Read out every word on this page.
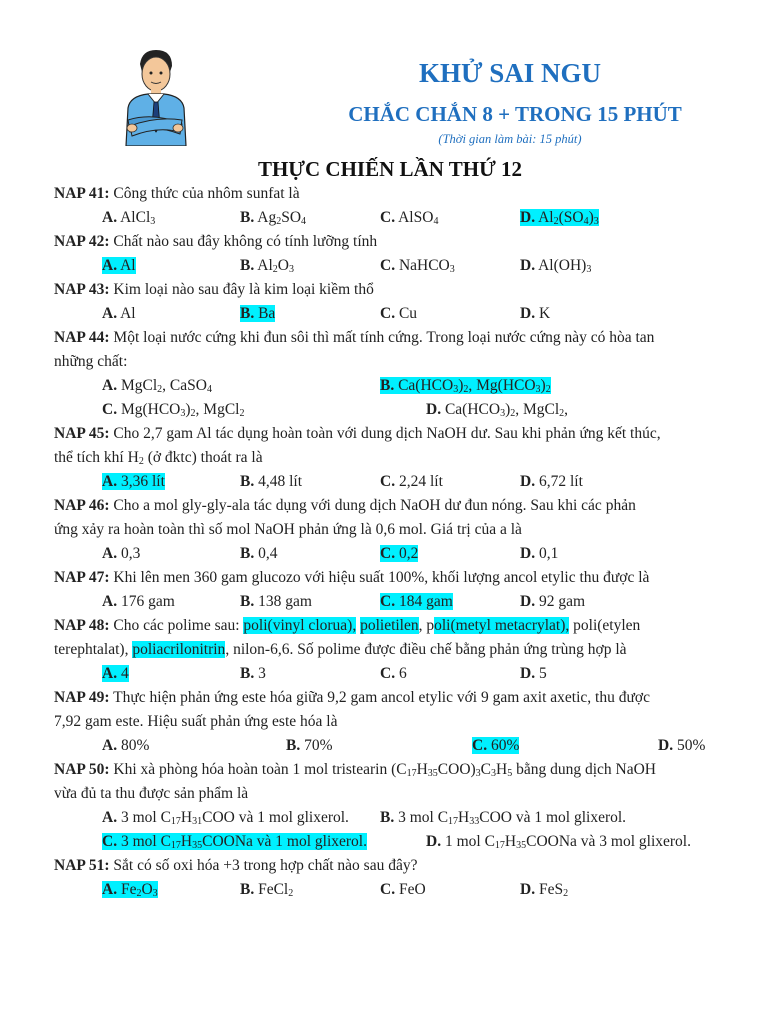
KHỬ SAI NGU
CHẮC CHẮN 8 + TRONG 15 PHÚT
(Thời gian làm bài: 15 phút)
THỰC CHIẾN LẦN THỨ 12
NAP 41: Công thức của nhôm sunfat là
A. AlCl$_3$	B. $Ag_2SO_4$	C. AlSO$_4$	D. $Al_2(SO_4)_3$
NAP 42: Chất nào sau đây không có tính lưỡng tính
A. Al	B. $Al_2O_3$	C. NaHCO$_3$	D. $Al(OH)_3$
NAP 43: Kim loại nào sau đây là kim loại kiềm thổ
A. Al	B. Ba	C. Cu	D. K
NAP 44: Một loại nước cứng khi đun sôi thì mất tính cứng. Trong loại nước cứng này có hòa tan
những chất:
A. MgCl$_2$, CaSO$_4$	B. $Ca(HCO_3)_2$, $Mg(HCO_3)_2$
C. $Mg(HCO_3)_2$, MgCl$_2$	D. $Ca(HCO_3)_2$, MgCl$_2$,
NAP 45: Cho 2,7 gam Al tác dụng hoàn toàn với dung dịch NaOH dư. Sau khi phản ứng kết thúc,
thể tích khí $H_2$ (ở đktc) thoát ra là
A. 3,36 lít	B. 4,48 lít	C. 2,24 lít	D. 6,72 lít
NAP 46: Cho a mol gly-gly-ala tác dụng với dung dịch NaOH dư đun nóng. Sau khi các phản
ứng xảy ra hoàn toàn thì số mol NaOH phản ứng là 0,6 mol. Giá trị của a là
A. 0,3	B. 0,4	C. 0,2	D. 0,1
NAP 47: Khi lên men 360 gam glucozo với hiệu suất 100%, khối lượng ancol etylic thu được là
A. 176 gam	B. 138 gam	C. 184 gam	D. 92 gam
NAP 48: Cho các polime sau: poli(vinyl clorua), polietilen, poli(metyl metacrylat), poli(etylen
terephtalat), poliacrilonitrin, nilon-6,6. Số polime được điều chế bằng phản ứng trùng hợp là
A. 4	B. 3	C. 6	D. 5
NAP 49: Thực hiện phản ứng este hóa giữa 9,2 gam ancol etylic với 9 gam axit axetic, thu được
7,92 gam este. Hiệu suất phản ứng este hóa là
A. 80%	B. 70%	C. 60%	D. 50%
NAP 50: Khi xà phòng hóa hoàn toàn 1 mol tristearin $(C_{17}H_{35}COO)_3C_3H_5$ bằng dung dịch NaOH
vừa đủ ta thu được sản phẩm là
A. 3 mol $C_{17}H_{31}COO$ và 1 mol glixerol. B. 3 mol $C_{17}H_{33}COO$ và 1 mol glixerol.
C. 3 mol $C_{17}H_{35}COONa$ và 1 mol glixerol.	D. 1 mol $C_{17}H_{35}COONa$ và 3 mol glixerol.
NAP 51: Sắt có số oxi hóa +3 trong hợp chất nào sau đây?
A. $Fe_2O_3$	B. FeCl$_2$	C. FeO	D. FeS$_2$
